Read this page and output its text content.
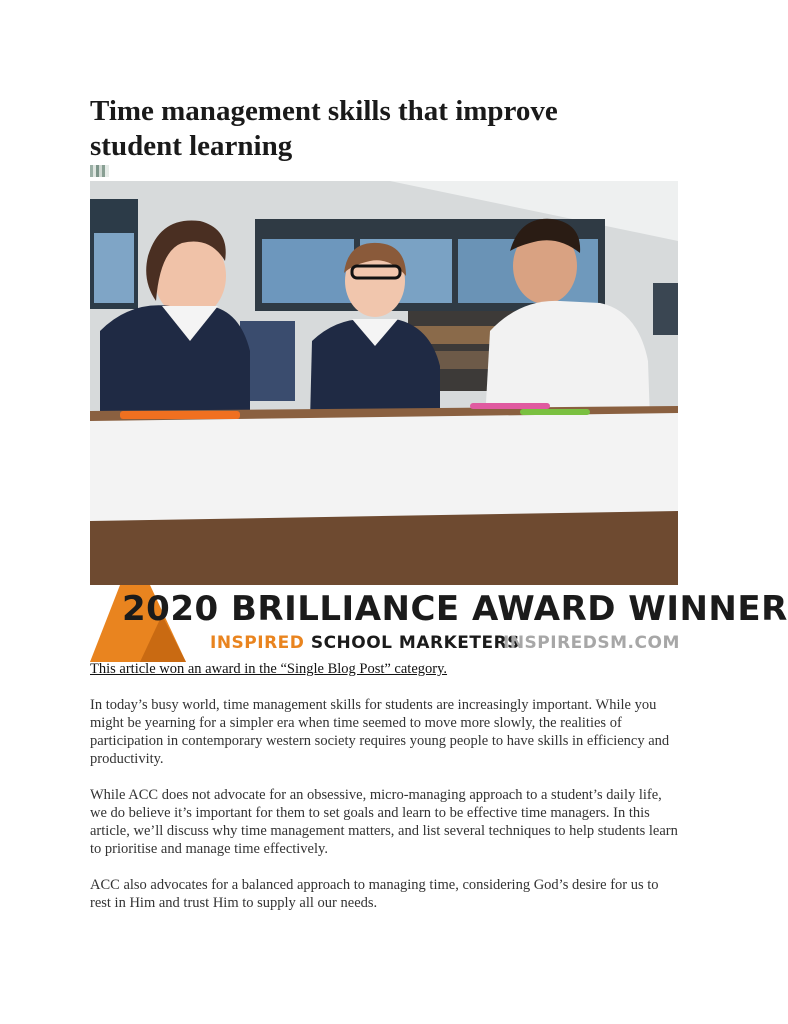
Time management skills that improve student learning
2020 BRILLIANCE AWARD WINNER
INSPIRED SCHOOL MARKETERS
INSPIREDSM.COM
This article won an award in the “Single Blog Post” category.

In today’s busy world, time management skills for students are increasingly important. While you might be yearning for a simpler era when time seemed to move more slowly, the realities of participation in contemporary western society requires young people to have skills in efficiency and productivity.

While ACC does not advocate for an obsessive, micro-managing approach to a student’s daily life, we do believe it’s important for them to set goals and learn to be effective time managers. In this article, we’ll discuss why time management matters, and list several techniques to help students learn to prioritise and manage time effectively.

ACC also advocates for a balanced approach to managing time, considering God’s desire for us to rest in Him and trust Him to supply all our needs.
